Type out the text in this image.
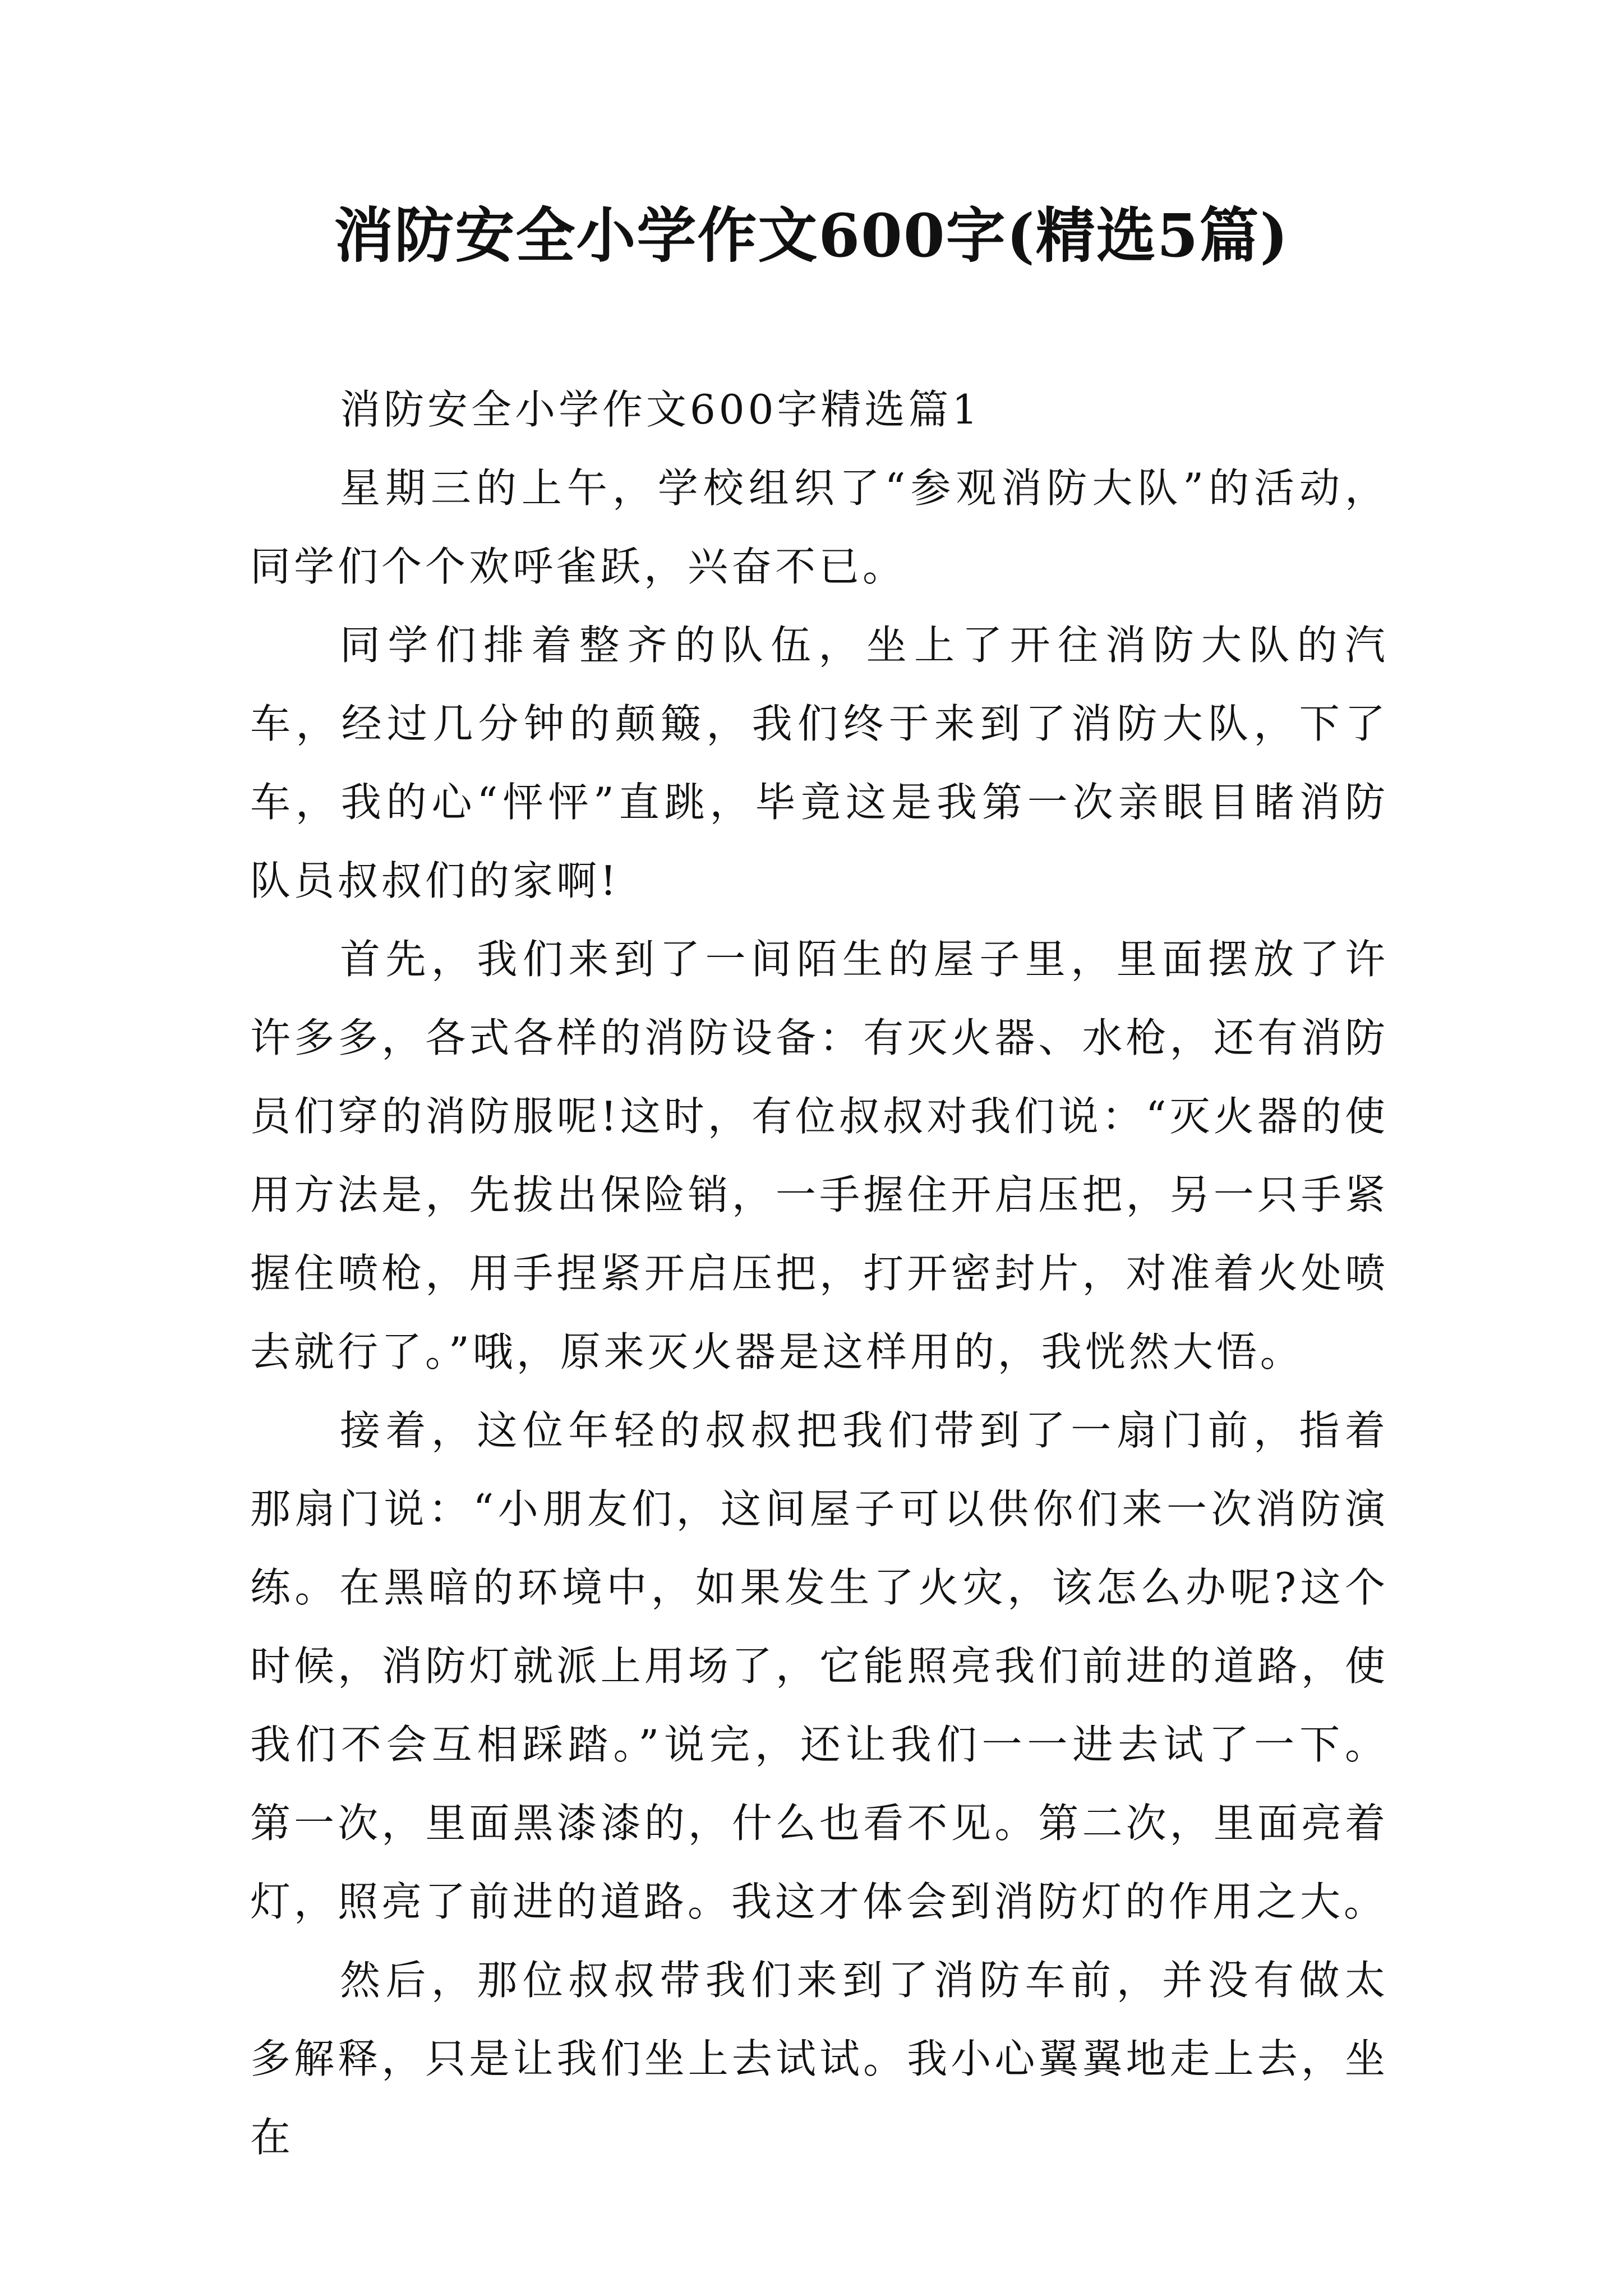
消防安全小学作文600字(精选5篇)

消防安全小学作文600字精选篇1

星期三的上午，学校组织了“参观消防大队”的活动，同学们个个欢呼雀跃，兴奋不已。

同学们排着整齐的队伍，坐上了开往消防大队的汽车，经过几分钟的颠簸，我们终于来到了消防大队，下了车，我的心“怦怦”直跳，毕竟这是我第一次亲眼目睹消防队员叔叔们的家啊!

首先，我们来到了一间陌生的屋子里，里面摆放了许许多多，各式各样的消防设备：有灭火器、水枪，还有消防员们穿的消防服呢!这时，有位叔叔对我们说：“灭火器的使用方法是，先拔出保险销，一手握住开启压把，另一只手紧握住喷枪，用手捏紧开启压把，打开密封片，对准着火处喷去就行了。”哦，原来灭火器是这样用的，我恍然大悟。

接着，这位年轻的叔叔把我们带到了一扇门前，指着那扇门说：“小朋友们，这间屋子可以供你们来一次消防演练。在黑暗的环境中，如果发生了火灾，该怎么办呢?这个时候，消防灯就派上用场了，它能照亮我们前进的道路，使我们不会互相踩踏。”说完，还让我们一一进去试了一下。第一次，里面黑漆漆的，什么也看不见。第二次，里面亮着灯，照亮了前进的道路。我这才体会到消防灯的作用之大。

然后，那位叔叔带我们来到了消防车前，并没有做太多解释，只是让我们坐上去试试。我小心翼翼地走上去，坐在
